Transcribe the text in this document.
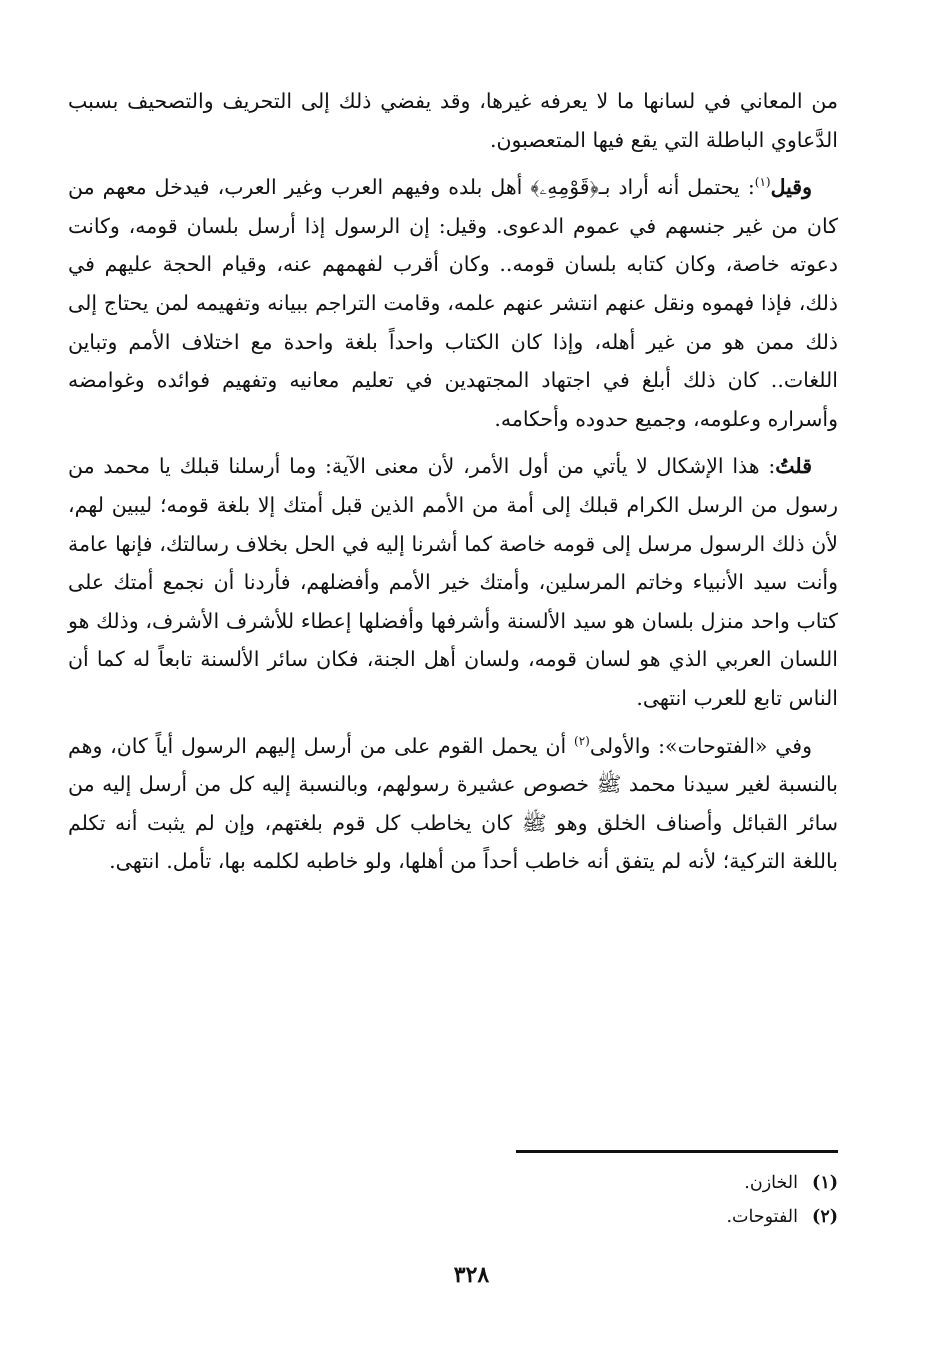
من المعاني في لسانها ما لا يعرفه غيرها، وقد يفضي ذلك إلى التحريف والتصحيف بسبب الدَّعاوي الباطلة التي يقع فيها المتعصبون.

وقيل$^{(١)}$: يحتمل أنه أراد بـ﴿قَوْمِهِۦ﴾ أهل بلده وفيهم العرب وغير العرب، فيدخل معهم من كان من غير جنسهم في عموم الدعوى. وقيل: إن الرسول إذا أرسل بلسان قومه، وكانت دعوته خاصة، وكان كتابه بلسان قومه.. وكان أقرب لفهمهم عنه، وقيام الحجة عليهم في ذلك، فإذا فهموه ونقل عنهم انتشر عنهم علمه، وقامت التراجم ببيانه وتفهيمه لمن يحتاج إلى ذلك ممن هو من غير أهله، وإذا كان الكتاب واحداً بلغة واحدة مع اختلاف الأمم وتباين اللغات.. كان ذلك أبلغ في اجتهاد المجتهدين في تعليم معانيه وتفهيم فوائده وغوامضه وأسراره وعلومه، وجميع حدوده وأحكامه.

قلتُ: هذا الإشكال لا يأتي من أول الأمر، لأن معنى الآية: وما أرسلنا قبلك يا محمد من رسول من الرسل الكرام قبلك إلى أمة من الأمم الذين قبل أمتك إلا بلغة قومه؛ ليبين لهم، لأن ذلك الرسول مرسل إلى قومه خاصة كما أشرنا إليه في الحل بخلاف رسالتك، فإنها عامة وأنت سيد الأنبياء وخاتم المرسلين، وأمتك خير الأمم وأفضلهم، فأردنا أن نجمع أمتك على كتاب واحد منزل بلسان هو سيد الألسنة وأشرفها وأفضلها إعطاء للأشرف الأشرف، وذلك هو اللسان العربي الذي هو لسان قومه، ولسان أهل الجنة، فكان سائر الألسنة تابعاً له كما أن الناس تابع للعرب انتهى.

وفي «الفتوحات»: والأولى$^{(٢)}$ أن يحمل القوم على من أرسل إليهم الرسول أياً كان، وهم بالنسبة لغير سيدنا محمد ﷺ خصوص عشيرة رسولهم، وبالنسبة إليه كل من أرسل إليه من سائر القبائل وأصناف الخلق وهو ﷺ كان يخاطب كل قوم بلغتهم، وإن لم يثبت أنه تكلم باللغة التركية؛ لأنه لم يتفق أنه خاطب أحداً من أهلها، ولو خاطبه لكلمه بها، تأمل. انتهى.

(١)الخازن.
(٢)الفتوحات.
٣٢٨
